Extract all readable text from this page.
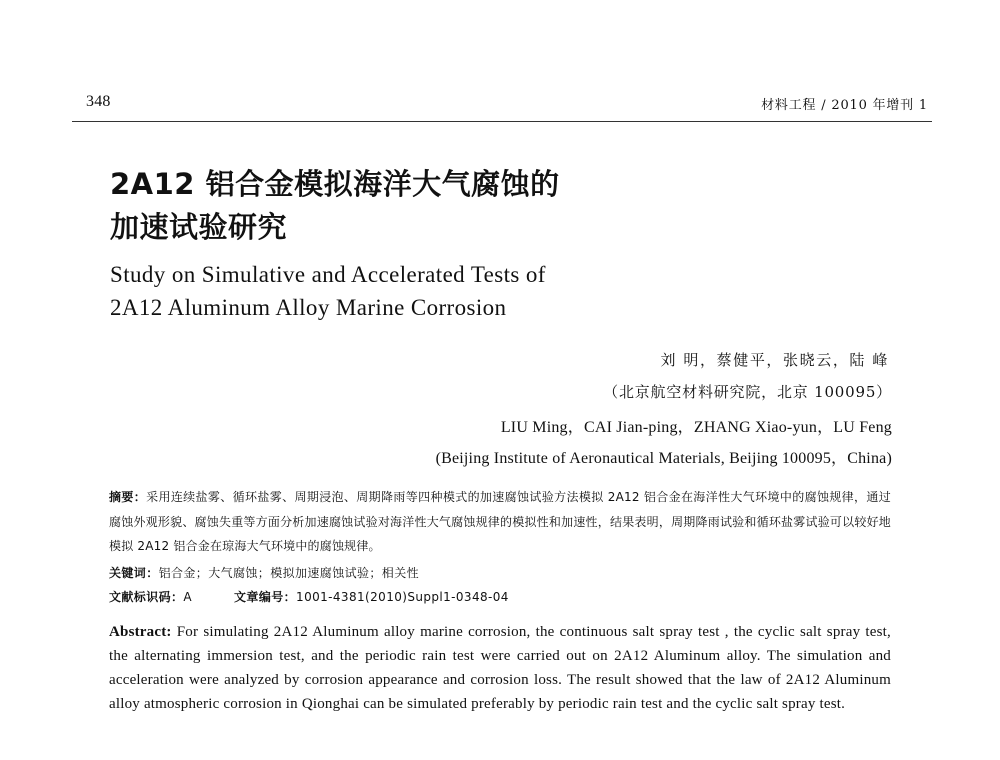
348	材料工程 / 2010 年增刊 1
2A12 铝合金模拟海洋大气腐蚀的
加速试验研究
Study on Simulative and Accelerated Tests of
2A12 Aluminum Alloy Marine Corrosion
刘 明，蔡健平，张晓云，陆 峰
（北京航空材料研究院，北京 100095）
LIU Ming，CAI Jian-ping，ZHANG Xiao-yun，LU Feng
(Beijing Institute of Aeronautical Materials, Beijing 100095，China)
摘要：采用连续盐雾、循环盐雾、周期浸泡、周期降雨等四种模式的加速腐蚀试验方法模拟 2A12 铝合金在海洋性大气环境中的腐蚀规律，通过腐蚀外观形貌、腐蚀失重等方面分析加速腐蚀试验对海洋性大气腐蚀规律的模拟性和加速性，结果表明，周期降雨试验和循环盐雾试验可以较好地模拟 2A12 铝合金在琼海大气环境中的腐蚀规律。
关键词：铝合金；大气腐蚀；模拟加速腐蚀试验；相关性
文献标识码：A	文章编号：1001-4381(2010)Suppl1-0348-04
Abstract: For simulating 2A12 Aluminum alloy marine corrosion, the continuous salt spray test , the cyclic salt spray test, the alternating immersion test, and the periodic rain test were carried out on 2A12 Aluminum alloy. The simulation and acceleration were analyzed by corrosion appearance and corrosion loss. The result showed that the law of 2A12 Aluminum alloy atmospheric corrosion in Qionghai can be simulated preferably by periodic rain test and the cyclic salt spray test.
